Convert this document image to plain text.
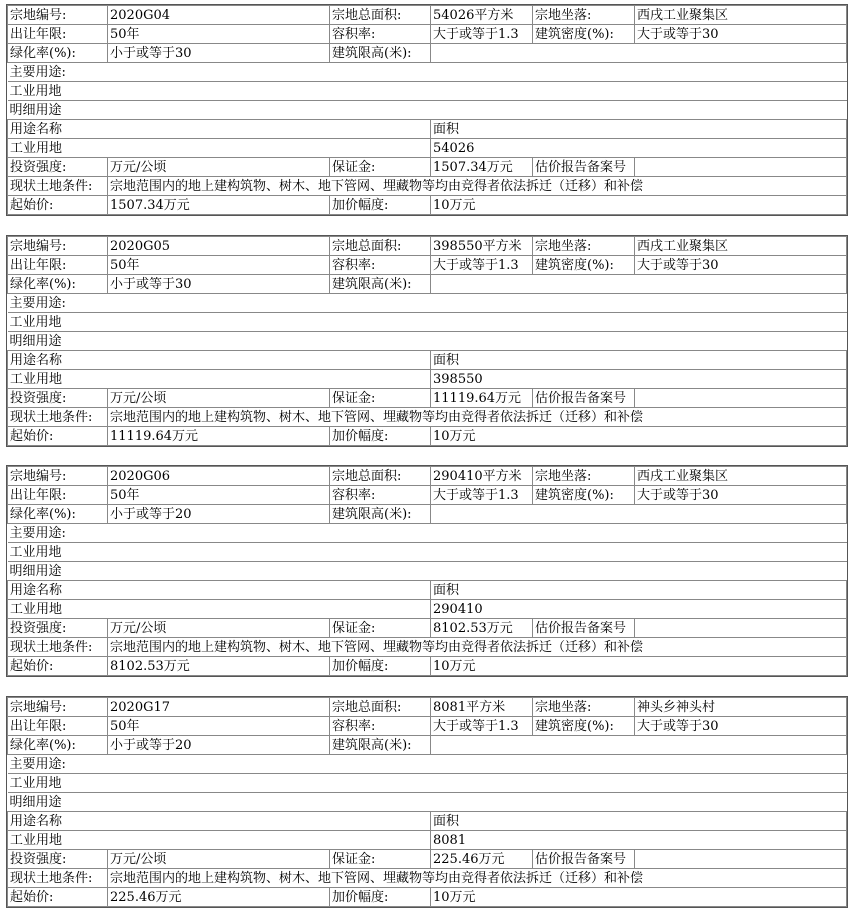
宗地编号:	2020G04	宗地总面积:	54026平方米	宗地坐落:	西戌工业聚集区
出让年限:	50年	容积率:	大于或等于1.3	建筑密度(%):	大于或等于30
绿化率(%):	小于或等于30	建筑限高(米):			
主要用途:					
工业用地					
明细用途					
用途名称			面积		
工业用地			54026		
投资强度:	万元/公顷	保证金:	1507.34万元	估价报告备案号	
现状土地条件:	宗地范围内的地上建构筑物、树木、地下管网、埋藏物等均由竞得者依法拆迁（迁移）和补偿				
起始价:	1507.34万元	加价幅度:	10万元		
宗地编号:	2020G05	宗地总面积:	398550平方米	宗地坐落:	西戌工业聚集区
出让年限:	50年	容积率:	大于或等于1.3	建筑密度(%):	大于或等于30
绿化率(%):	小于或等于30	建筑限高(米):			
主要用途:					
工业用地					
明细用途					
用途名称			面积		
工业用地			398550		
投资强度:	万元/公顷	保证金:	11119.64万元	估价报告备案号	
现状土地条件:	宗地范围内的地上建构筑物、树木、地下管网、埋藏物等均由竞得者依法拆迁（迁移）和补偿				
起始价:	11119.64万元	加价幅度:	10万元		
宗地编号:	2020G06	宗地总面积:	290410平方米	宗地坐落:	西戌工业聚集区
出让年限:	50年	容积率:	大于或等于1.3	建筑密度(%):	大于或等于30
绿化率(%):	小于或等于20	建筑限高(米):			
主要用途:					
工业用地					
明细用途					
用途名称			面积		
工业用地			290410		
投资强度:	万元/公顷	保证金:	8102.53万元	估价报告备案号	
现状土地条件:	宗地范围内的地上建构筑物、树木、地下管网、埋藏物等均由竞得者依法拆迁（迁移）和补偿				
起始价:	8102.53万元	加价幅度:	10万元		
宗地编号:	2020G17	宗地总面积:	8081平方米	宗地坐落:	神头乡神头村
出让年限:	50年	容积率:	大于或等于1.3	建筑密度(%):	大于或等于30
绿化率(%):	小于或等于20	建筑限高(米):			
主要用途:					
工业用地					
明细用途					
用途名称			面积		
工业用地			8081		
投资强度:	万元/公顷	保证金:	225.46万元	估价报告备案号	
现状土地条件:	宗地范围内的地上建构筑物、树木、地下管网、埋藏物等均由竞得者依法拆迁（迁移）和补偿				
起始价:	225.46万元	加价幅度:	10万元		
